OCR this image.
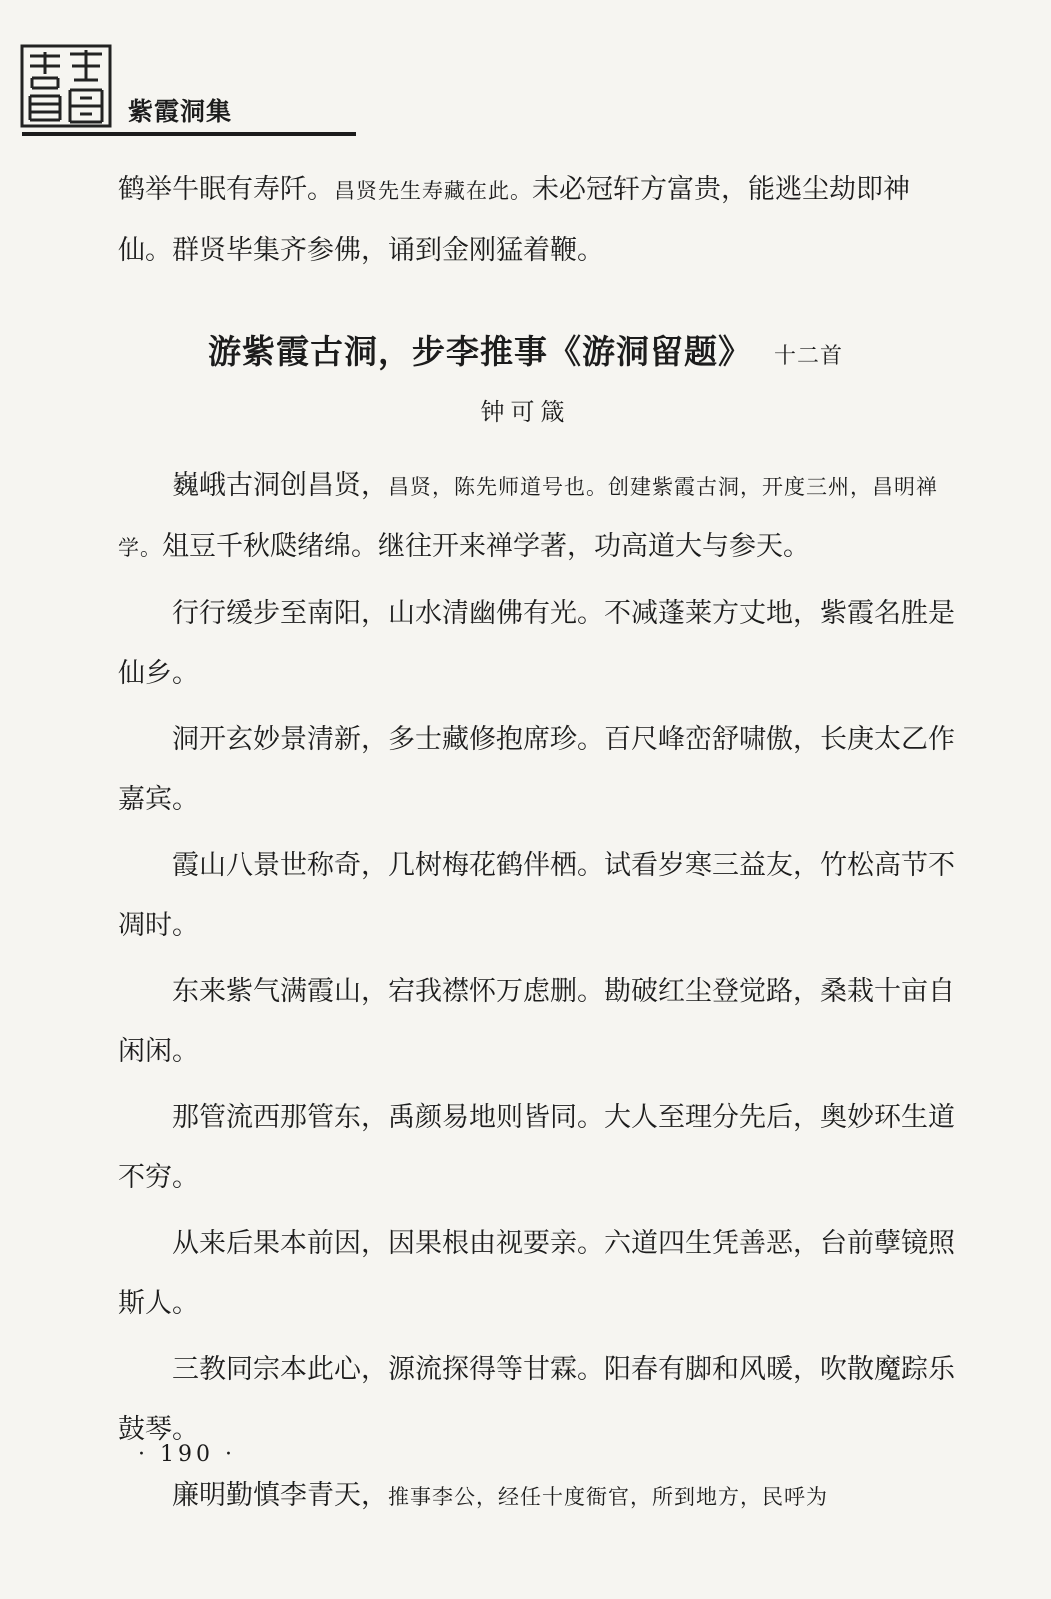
紫霞洞集
鹤举牛眠有寿阡。昌贤先生寿藏在此。未必冠轩方富贵，能逃尘劫即神仙。群贤毕集齐参佛，诵到金刚猛着鞭。
游紫霞古洞，步李推事《游洞留题》 十二首
钟可箴

巍峨古洞创昌贤，昌贤，陈先师道号也。创建紫霞古洞，开度三州，昌明禅学。俎豆千秋瓞绪绵。继往开来禅学著，功高道大与参天。

行行缓步至南阳，山水清幽佛有光。不减蓬莱方丈地，紫霞名胜是仙乡。

洞开玄妙景清新，多士藏修抱席珍。百尺峰峦舒啸傲，长庚太乙作嘉宾。

霞山八景世称奇，几树梅花鹤伴栖。试看岁寒三益友，竹松高节不凋时。

东来紫气满霞山，宕我襟怀万虑删。勘破红尘登觉路，桑栽十亩自闲闲。

那管流西那管东，禹颜易地则皆同。大人至理分先后，奥妙环生道不穷。

从来后果本前因，因果根由视要亲。六道四生凭善恶，台前孽镜照斯人。

三教同宗本此心，源流探得等甘霖。阳春有脚和风暖，吹散魔踪乐鼓琴。

廉明勤慎李青天，推事李公，经任十度衙官，所到地方，民呼为

· 190 ·
